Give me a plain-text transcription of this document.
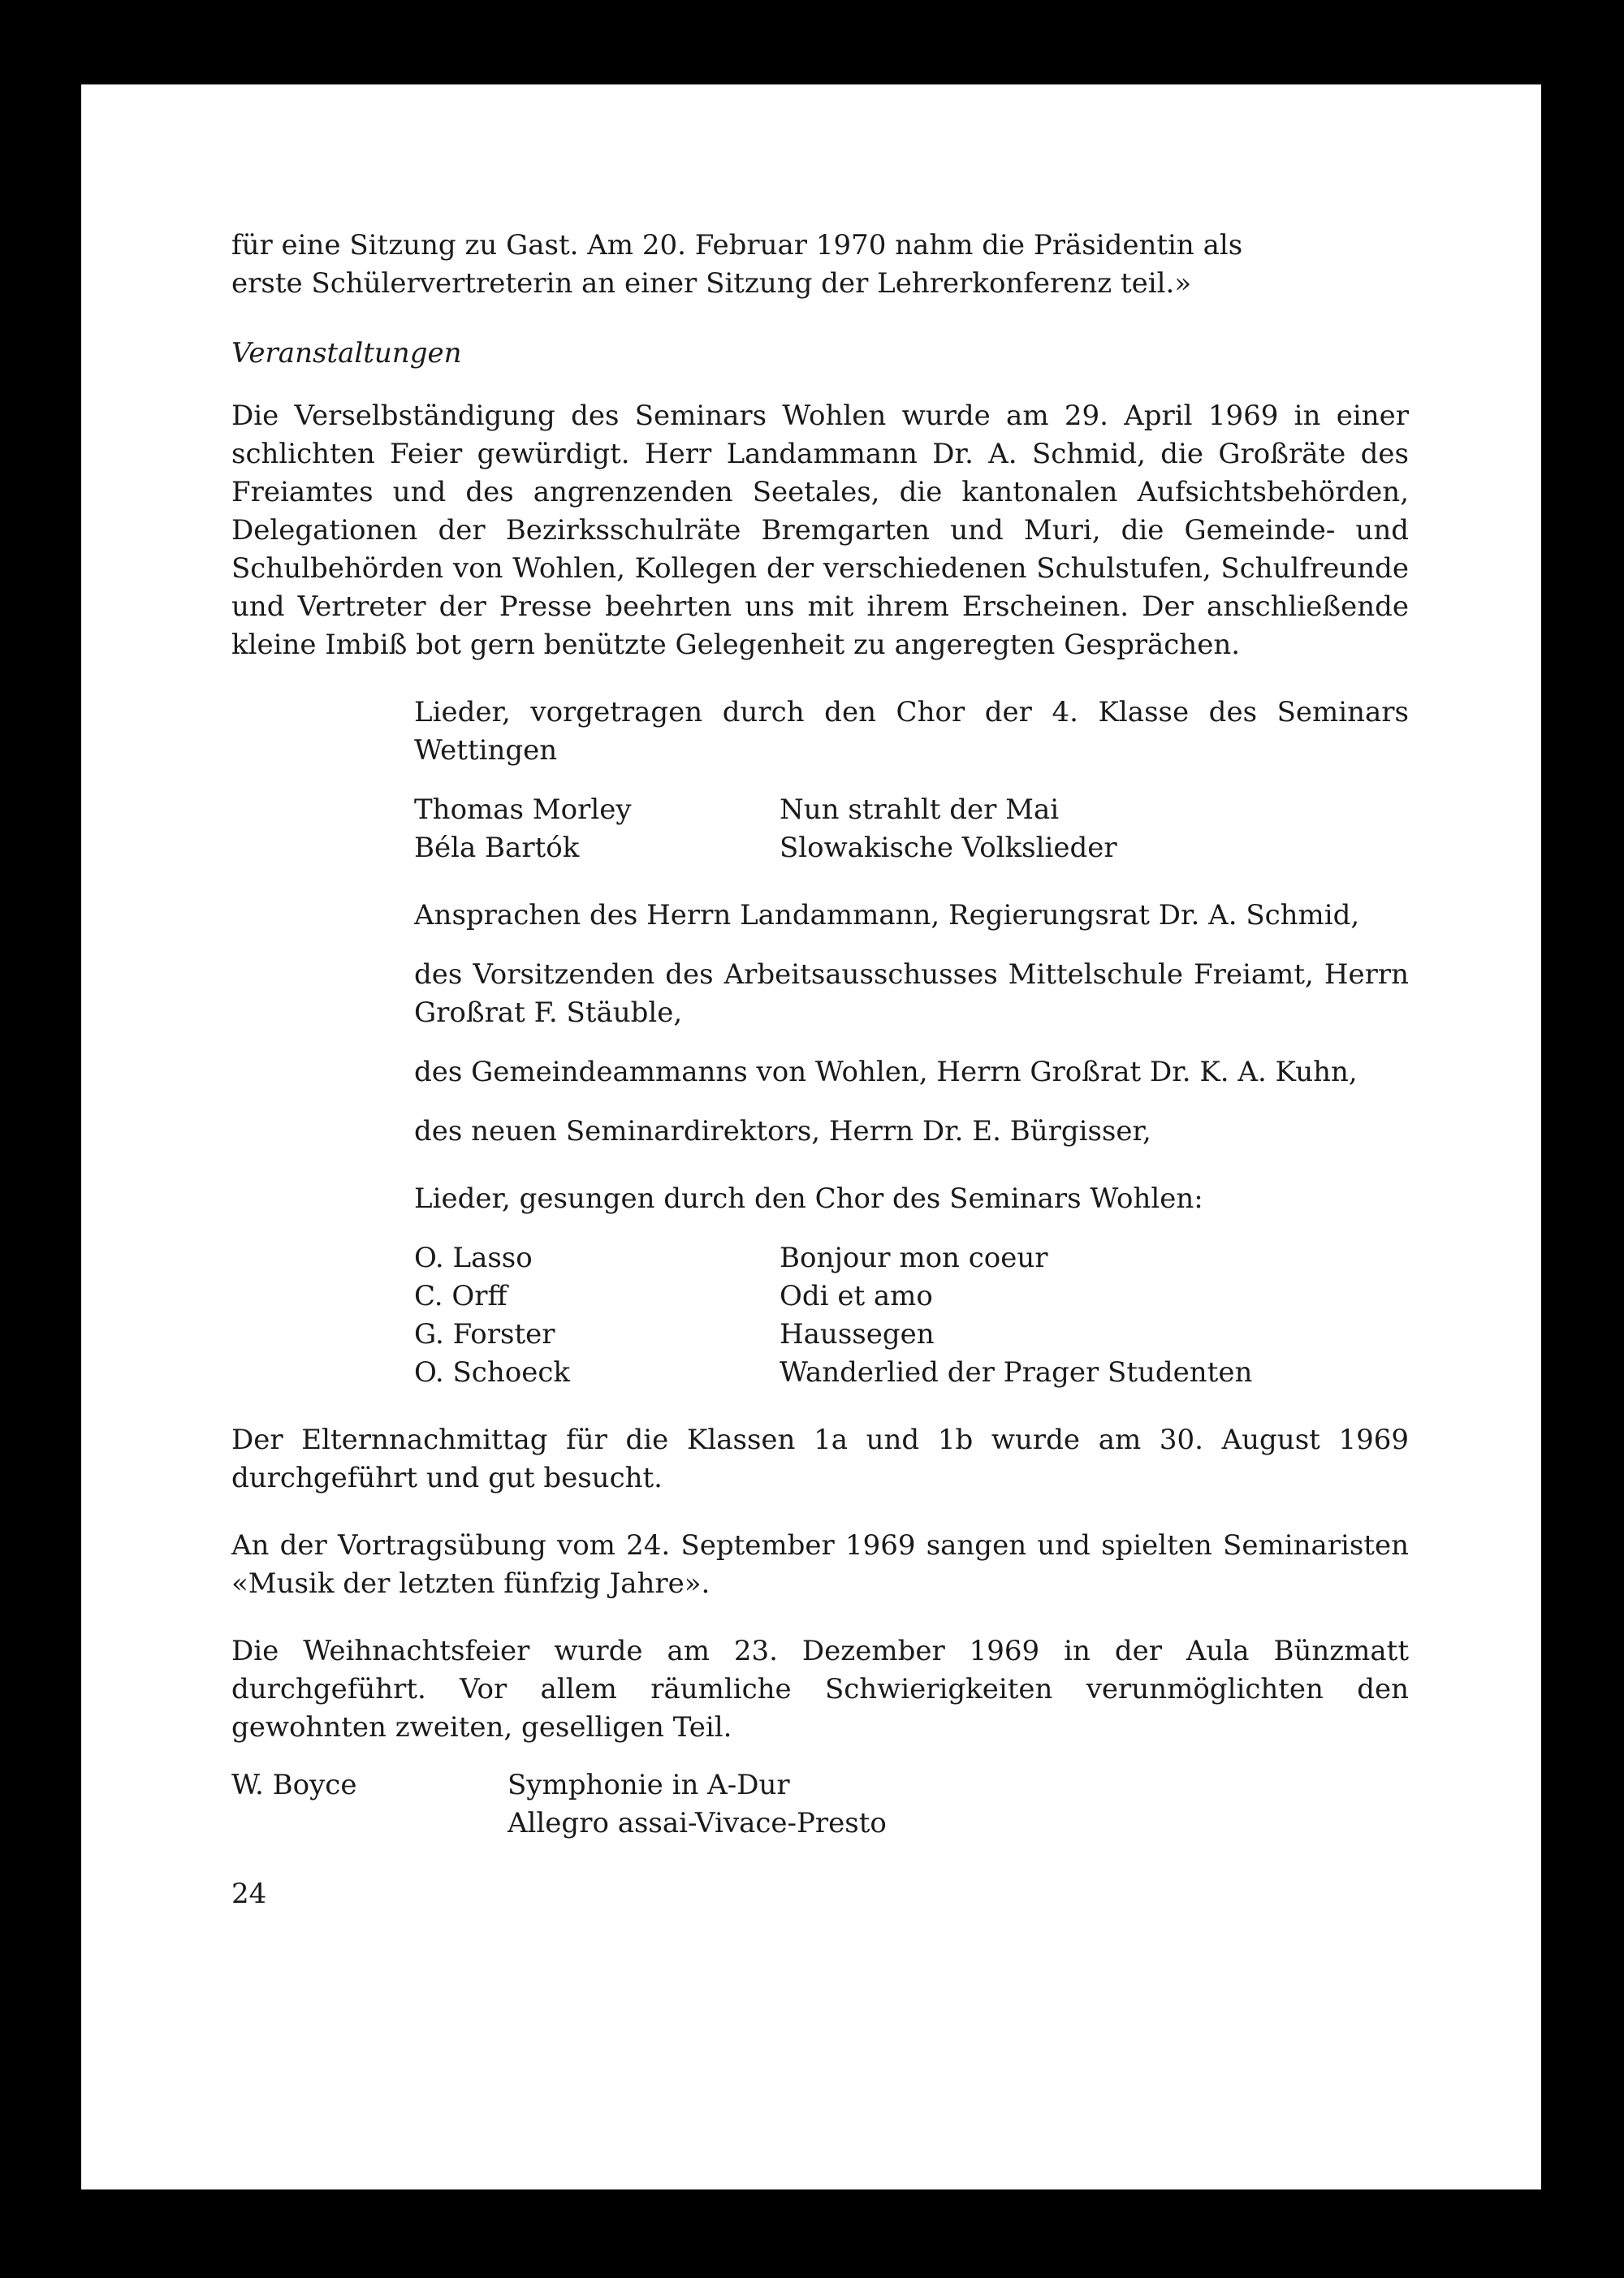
für eine Sitzung zu Gast. Am 20. Februar 1970 nahm die Präsidentin als
erste Schülervertreterin an einer Sitzung der Lehrerkonferenz teil.»
Veranstaltungen

Die Verselbständigung des Seminars Wohlen wurde am 29. April 1969 in einer schlichten Feier gewürdigt. Herr Landammann Dr. A. Schmid, die Großräte des Freiamtes und des angrenzenden Seetales, die kantonalen Aufsichtsbehörden, Delegationen der Bezirksschulräte Bremgarten und Muri, die Gemeinde- und Schulbehörden von Wohlen, Kollegen der verschiedenen Schulstufen, Schulfreunde und Vertreter der Presse beehrten uns mit ihrem Erscheinen. Der anschließende kleine Imbiß bot gern benützte Gelegenheit zu angeregten Gesprächen.

Lieder, vorgetragen durch den Chor der 4. Klasse des Seminars Wettingen

Thomas Morley	Nun strahlt der Mai
Béla Bartók	Slowakische Volkslieder

Ansprachen des Herrn Landammann, Regierungsrat Dr. A. Schmid,

des Vorsitzenden des Arbeitsausschusses Mittelschule Freiamt, Herrn Großrat F. Stäuble,

des Gemeindeammanns von Wohlen, Herrn Großrat Dr. K. A. Kuhn,

des neuen Seminardirektors, Herrn Dr. E. Bürgisser,

Lieder, gesungen durch den Chor des Seminars Wohlen:

O. Lasso	Bonjour mon coeur
C. Orff	Odi et amo
G. Forster	Haussegen
O. Schoeck	Wanderlied der Prager Studenten

Der Elternnachmittag für die Klassen 1a und 1b wurde am 30. August 1969 durchgeführt und gut besucht.

An der Vortragsübung vom 24. September 1969 sangen und spielten Seminaristen «Musik der letzten fünfzig Jahre».

Die Weihnachtsfeier wurde am 23. Dezember 1969 in der Aula Bünzmatt durchgeführt. Vor allem räumliche Schwierigkeiten verunmöglichten den gewohnten zweiten, geselligen Teil.

W. Boyce	Symphonie in A-Dur
Allegro assai-Vivace-Presto
24
